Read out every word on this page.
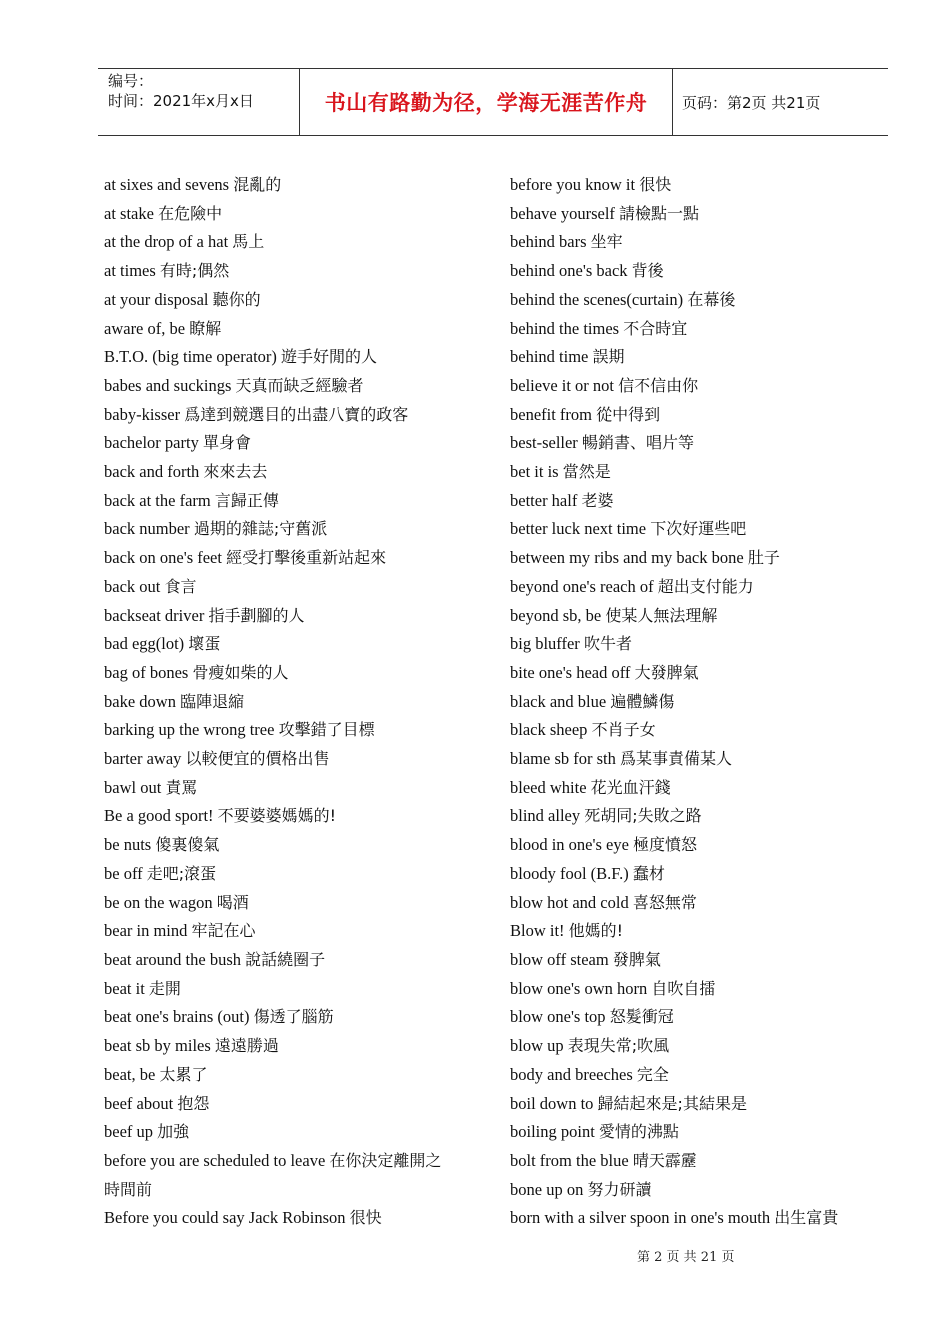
编号：
时间：2021年x月x日	书山有路勤为径，学海无涯苦作舟	页码：第2页 共21页
at sixes and sevens 混亂的
at stake 在危險中
at the drop of a hat 馬上
at times 有時;偶然
at your disposal 聽你的
aware of, be 瞭解
B.T.O. (big time operator) 遊手好閒的人
babes and suckings 天真而缺乏經驗者
baby-kisser 爲達到競選目的出盡八寶的政客
bachelor party 單身會
back and forth 來來去去
back at the farm 言歸正傳
back number 過期的雜誌;守舊派
back on one's feet 經受打擊後重新站起來
back out 食言
backseat driver 指手劃腳的人
bad egg(lot) 壞蛋
bag of bones 骨瘦如柴的人
bake down 臨陣退縮
barking up the wrong tree 攻擊錯了目標
barter away 以較便宜的價格出售
bawl out 責罵
Be a good sport! 不要婆婆媽媽的!
be nuts 傻裏傻氣
be off 走吧;滾蛋
be on the wagon 喝酒
bear in mind 牢記在心
beat around the bush 說話繞圈子
beat it 走開
beat one's brains (out) 傷透了腦筋
beat sb by miles 遠遠勝過
beat, be 太累了
beef about 抱怨
beef up 加強
before you are scheduled to leave 在你決定離開之
時間前
Before you could say Jack Robinson 很快
before you know it 很快
behave yourself 請檢點一點
behind bars 坐牢
behind one's back 背後
behind the scenes(curtain) 在幕後
behind the times 不合時宜
behind time 誤期
believe it or not 信不信由你
benefit from 從中得到
best-seller 暢銷書、唱片等
bet it is 當然是
better half 老婆
better luck next time 下次好運些吧
between my ribs and my back bone 肚子
beyond one's reach of 超出支付能力
beyond sb, be 使某人無法理解
big bluffer 吹牛者
bite one's head off 大發脾氣
black and blue 遍體鱗傷
black sheep 不肖子女
blame sb for sth 爲某事責備某人
bleed white 花光血汗錢
blind alley 死胡同;失敗之路
blood in one's eye 極度憤怒
bloody fool (B.F.) 蠢材
blow hot and cold 喜怒無常
Blow it! 他媽的!
blow off steam 發脾氣
blow one's own horn 自吹自擂
blow one's top 怒髮衝冠
blow up 表現失常;吹風
body and breeches 完全
boil down to 歸結起來是;其結果是
boiling point 愛情的沸點
bolt from the blue 晴天霹靂
bone up on 努力研讀
born with a silver spoon in one's mouth 出生富貴
第 2 页 共 21 页
